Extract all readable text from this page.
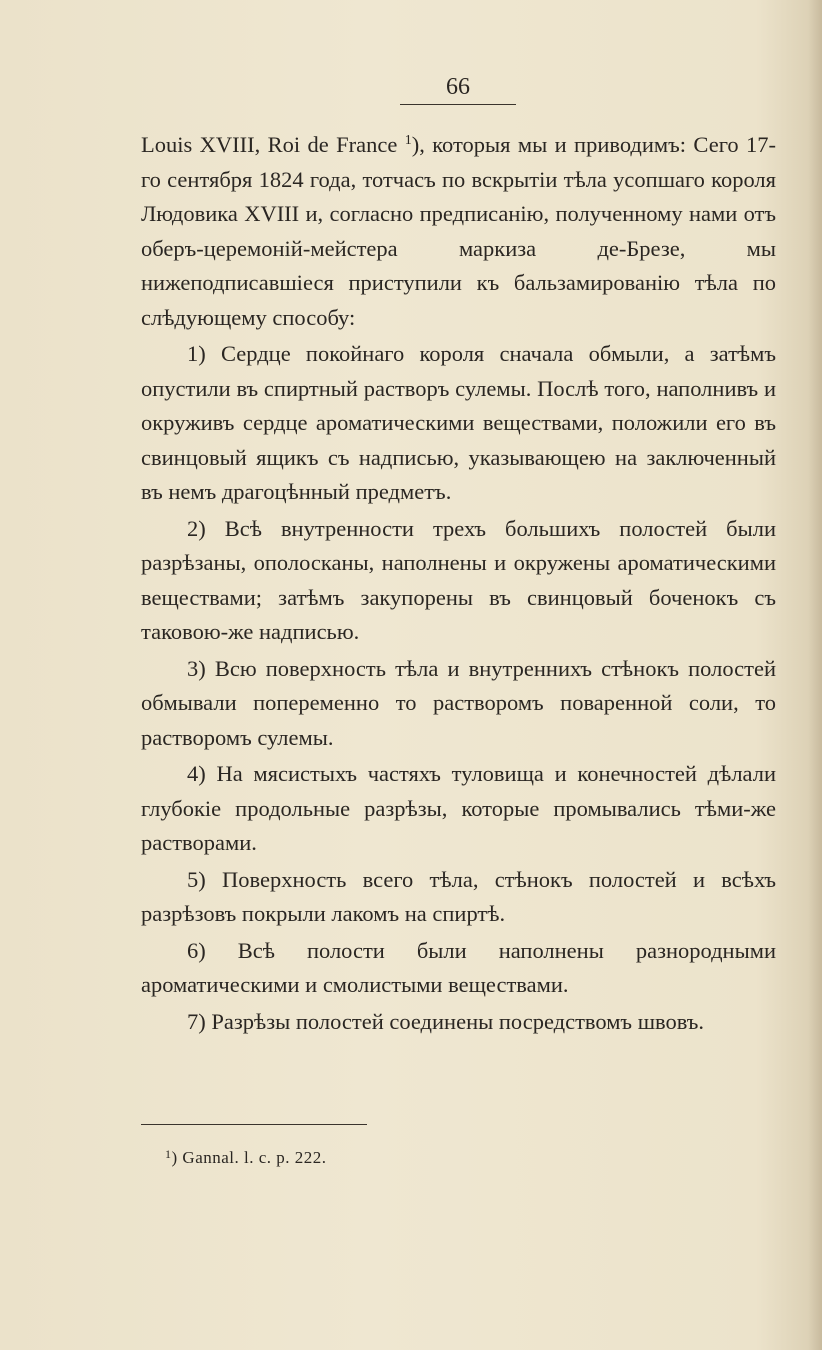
66

Louis XVIII, Roi de France $^1$), которыя мы и приводимъ: Сего 17-го сентября 1824 года, тотчасъ по вскрытіи тѣла усопшаго короля Людовика XVIII и, согласно предписанію, полученному нами отъ оберъ-церемоній-мейстера маркиза де-Брезе, мы нижеподписавшіеся приступили къ бальзамированію тѣла по слѣдующему способу:

1) Сердце покойнаго короля сначала обмыли, а затѣмъ опустили въ спиртный растворъ сулемы. Послѣ того, наполнивъ и окруживъ сердце ароматическими веществами, положили его въ свинцовый ящикъ съ надписью, указывающею на заключенный въ немъ драгоцѣнный предметъ.

2) Всѣ внутренности трехъ большихъ полостей были разрѣзаны, ополосканы, наполнены и окружены ароматическими веществами; затѣмъ закупорены въ свинцовый боченокъ съ таковою-же надписью.

3) Всю поверхность тѣла и внутреннихъ стѣнокъ полостей обмывали попеременно то растворомъ поваренной соли, то растворомъ сулемы.

4) На мясистыхъ частяхъ туловища и конечностей дѣлали глубокіе продольные разрѣзы, которые промывались тѣми-же растворами.

5) Поверхность всего тѣла, стѣнокъ полостей и всѣхъ разрѣзовъ покрыли лакомъ на спиртѣ.

6) Всѣ полости были наполнены разнородными ароматическими и смолистыми веществами.

7) Разрѣзы полостей соединены посредствомъ швовъ.

$^1$) Gannal. l. c. p. 222.
